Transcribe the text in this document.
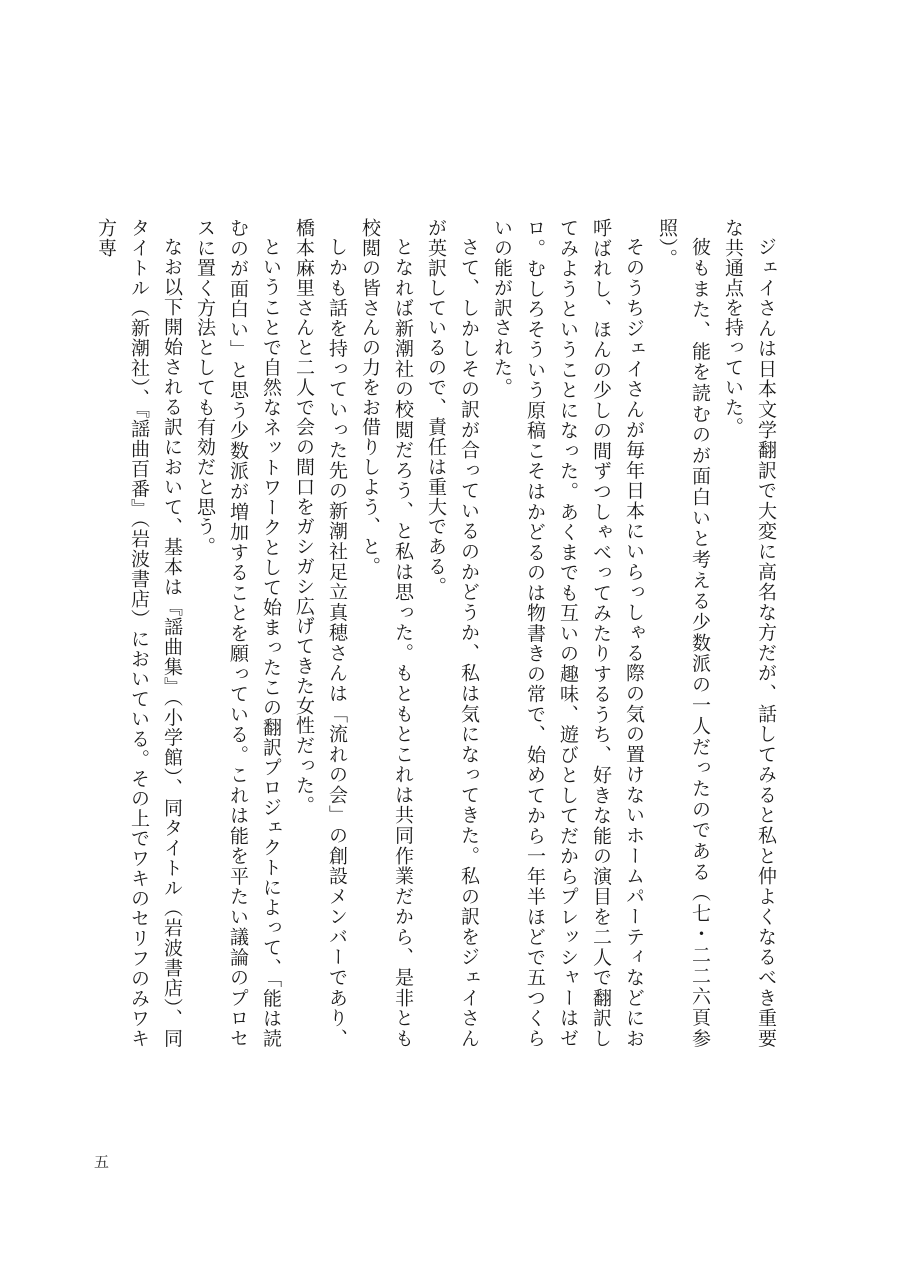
ジェイさんは日本文学翻訳で大変に高名な方だが、話してみると私と仲よくなるべき重要な共通点を持っていた。

彼もまた、能を読むのが面白いと考える少数派の一人だったのである（七・二二六頁参照）。

そのうちジェイさんが毎年日本にいらっしゃる際の気の置けないホームパーティなどにお呼ばれし、ほんの少しの間ずつしゃべってみたりするうち、好きな能の演目を二人で翻訳してみようということになった。あくまでも互いの趣味、遊びとしてだからプレッシャーはゼロ。むしろそういう原稿こそはかどるのは物書きの常で、始めてから一年半ほどで五つくらいの能が訳された。

さて、しかしその訳が合っているのかどうか、私は気になってきた。私の訳をジェイさんが英訳しているので、責任は重大である。

となれば新潮社の校閲だろう、と私は思った。もともとこれは共同作業だから、是非とも校閲の皆さんの力をお借りしよう、と。

しかも話を持っていった先の新潮社足立真穂さんは「流れの会」の創設メンバーであり、橋本麻里さんと二人で会の間口をガシガシ広げてきた女性だった。

ということで自然なネットワークとして始まったこの翻訳プロジェクトによって、「能は読むのが面白い」と思う少数派が増加することを願っている。これは能を平たい議論のプロセスに置く方法としても有効だと思う。

なお以下開始される訳において、基本は『謡曲集』（小学館）、同タイトル（岩波書店）、同タイトル（新潮社）、『謡曲百番』（岩波書店）においている。その上でワキのセリフのみワキ方専

五
